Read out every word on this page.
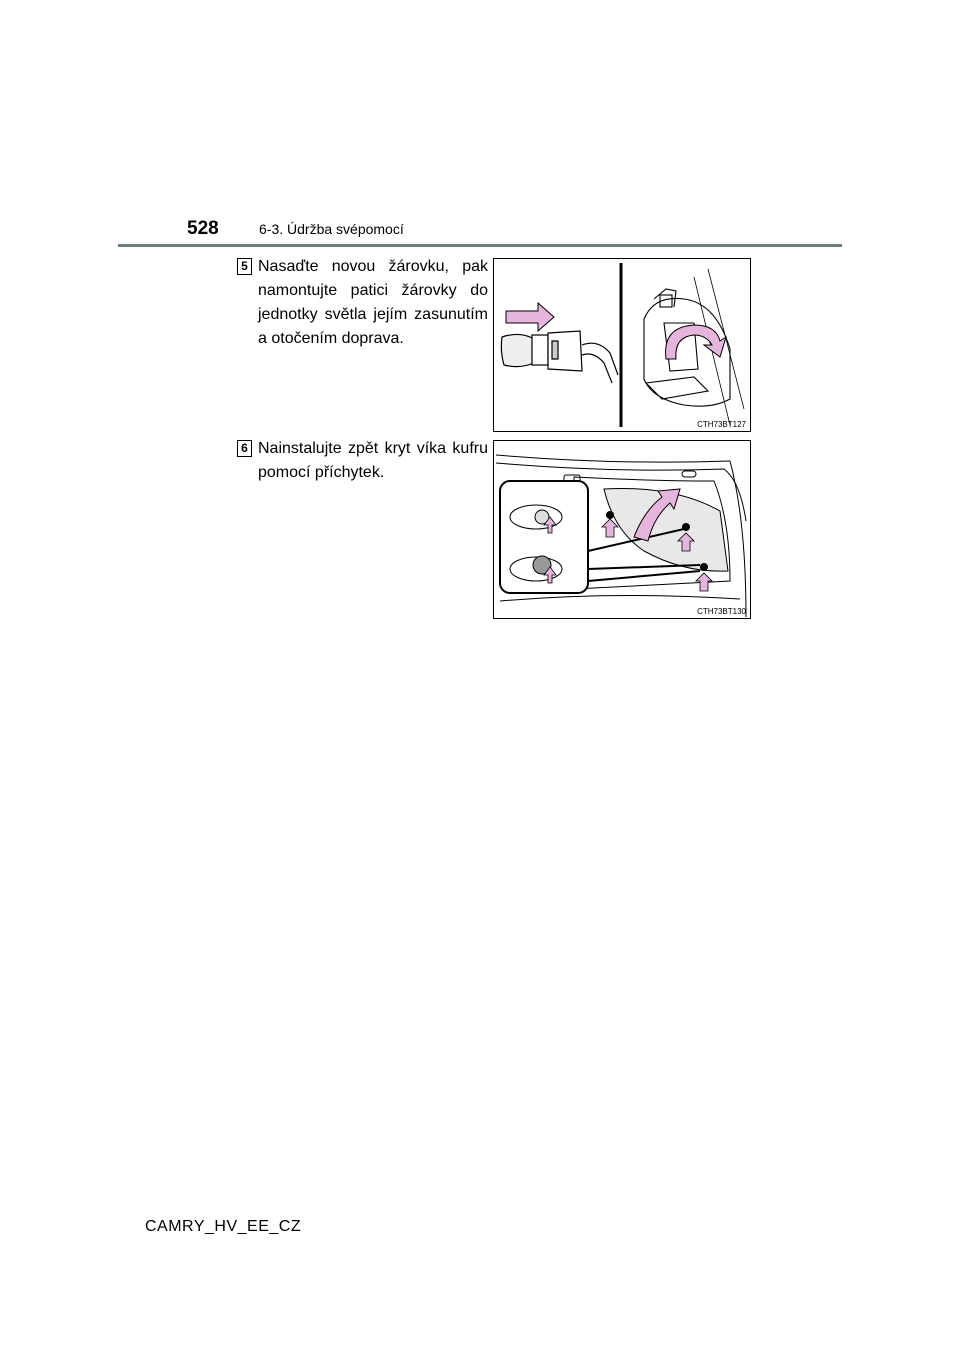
528	6-3. Údržba svépomocí
5 Nasaďte novou žárovku, pak namontujte patici žárovky do jednotky světla jejím zasunutím a otočením doprava.
CTH73BT127
6 Nainstalujte zpět kryt víka kufru pomocí příchytek.
CTH73BT130
CAMRY_HV_EE_CZ
